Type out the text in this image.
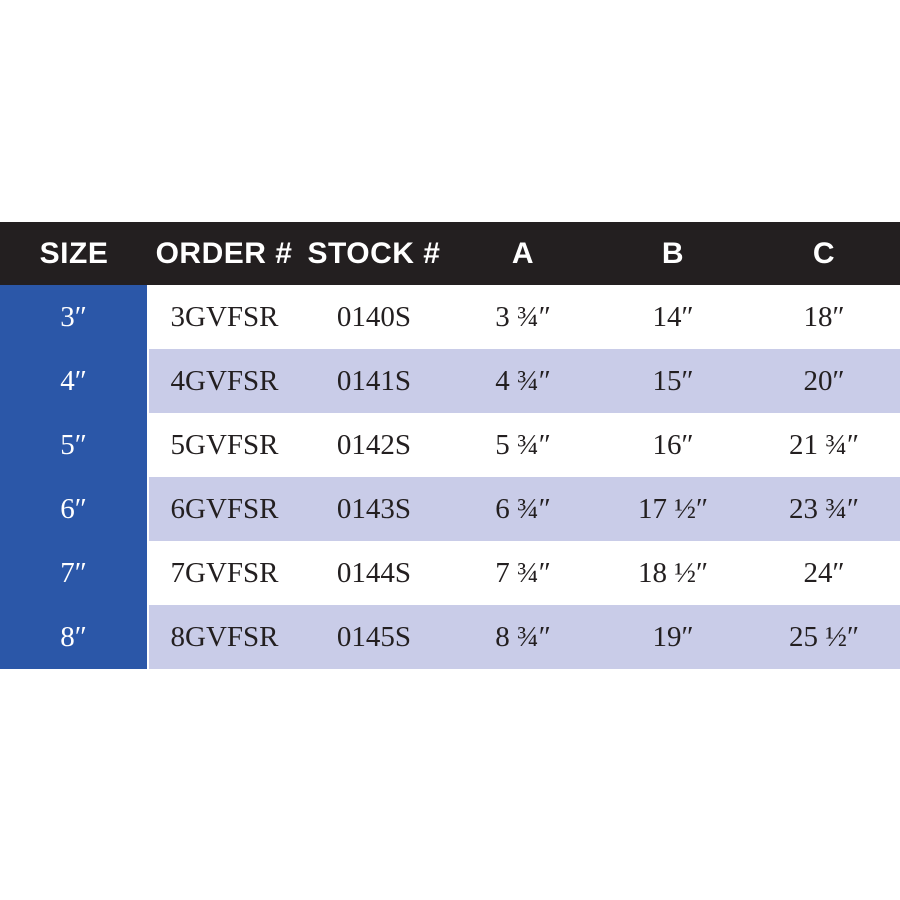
SIZE	ORDER #	STOCK #	A	B	C
3″	3GVFSR	0140S	3 ¾″	14″	18″
4″	4GVFSR	0141S	4 ¾″	15″	20″
5″	5GVFSR	0142S	5 ¾″	16″	21 ¾″
6″	6GVFSR	0143S	6 ¾″	17 ½″	23 ¾″
7″	7GVFSR	0144S	7 ¾″	18 ½″	24″
8″	8GVFSR	0145S	8 ¾″	19″	25 ½″
